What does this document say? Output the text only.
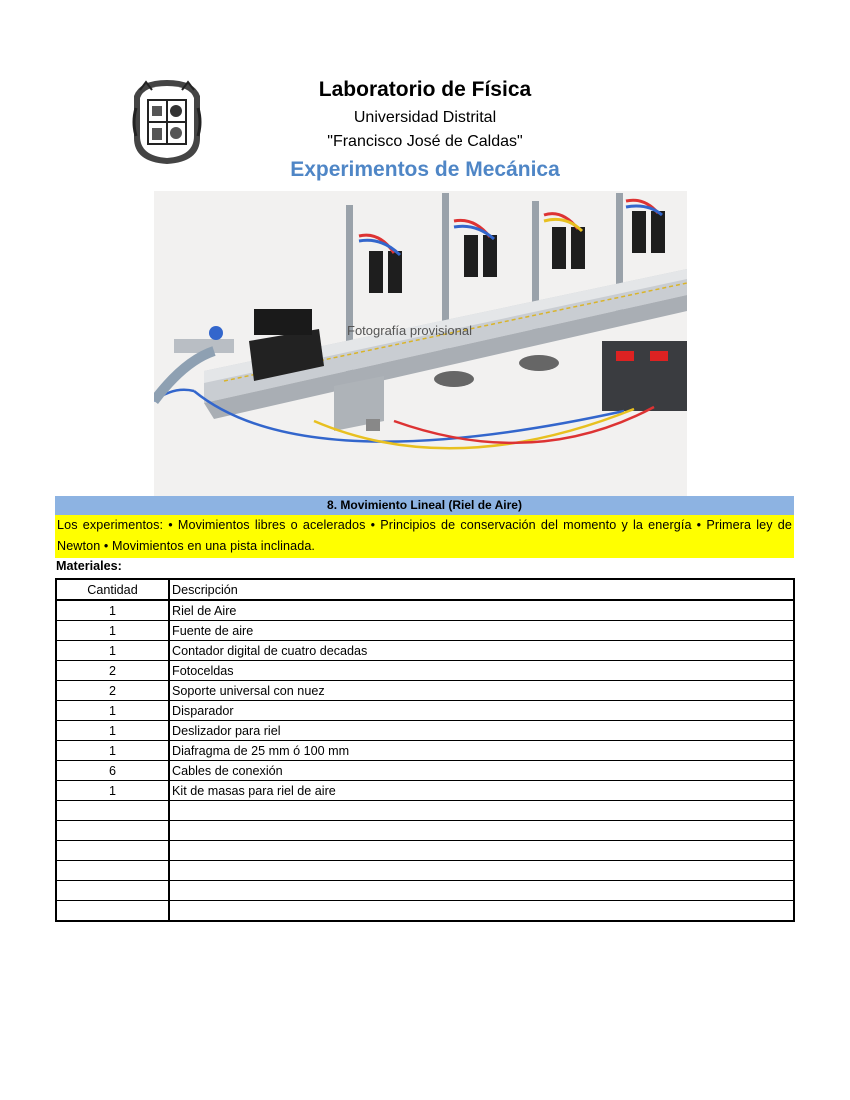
Laboratorio de Física
Universidad Distrital
"Francisco José de Caldas"
Experimentos de Mecánica
Fotografía provisional
8. Movimiento Lineal (Riel de Aire)
Los experimentos: • Movimientos libres o acelerados • Principios de conservación del momento y la energía • Primera ley de Newton • Movimientos en una pista inclinada.
Materiales:
Cantidad	Descripción
1	Riel de Aire
1	Fuente de aire
1	Contador digital de cuatro decadas
2	Fotoceldas
2	Soporte universal con nuez
1	Disparador
1	Deslizador para riel
1	Diafragma de 25 mm ó 100 mm
6	Cables de conexión
1	Kit de masas para riel de aire
